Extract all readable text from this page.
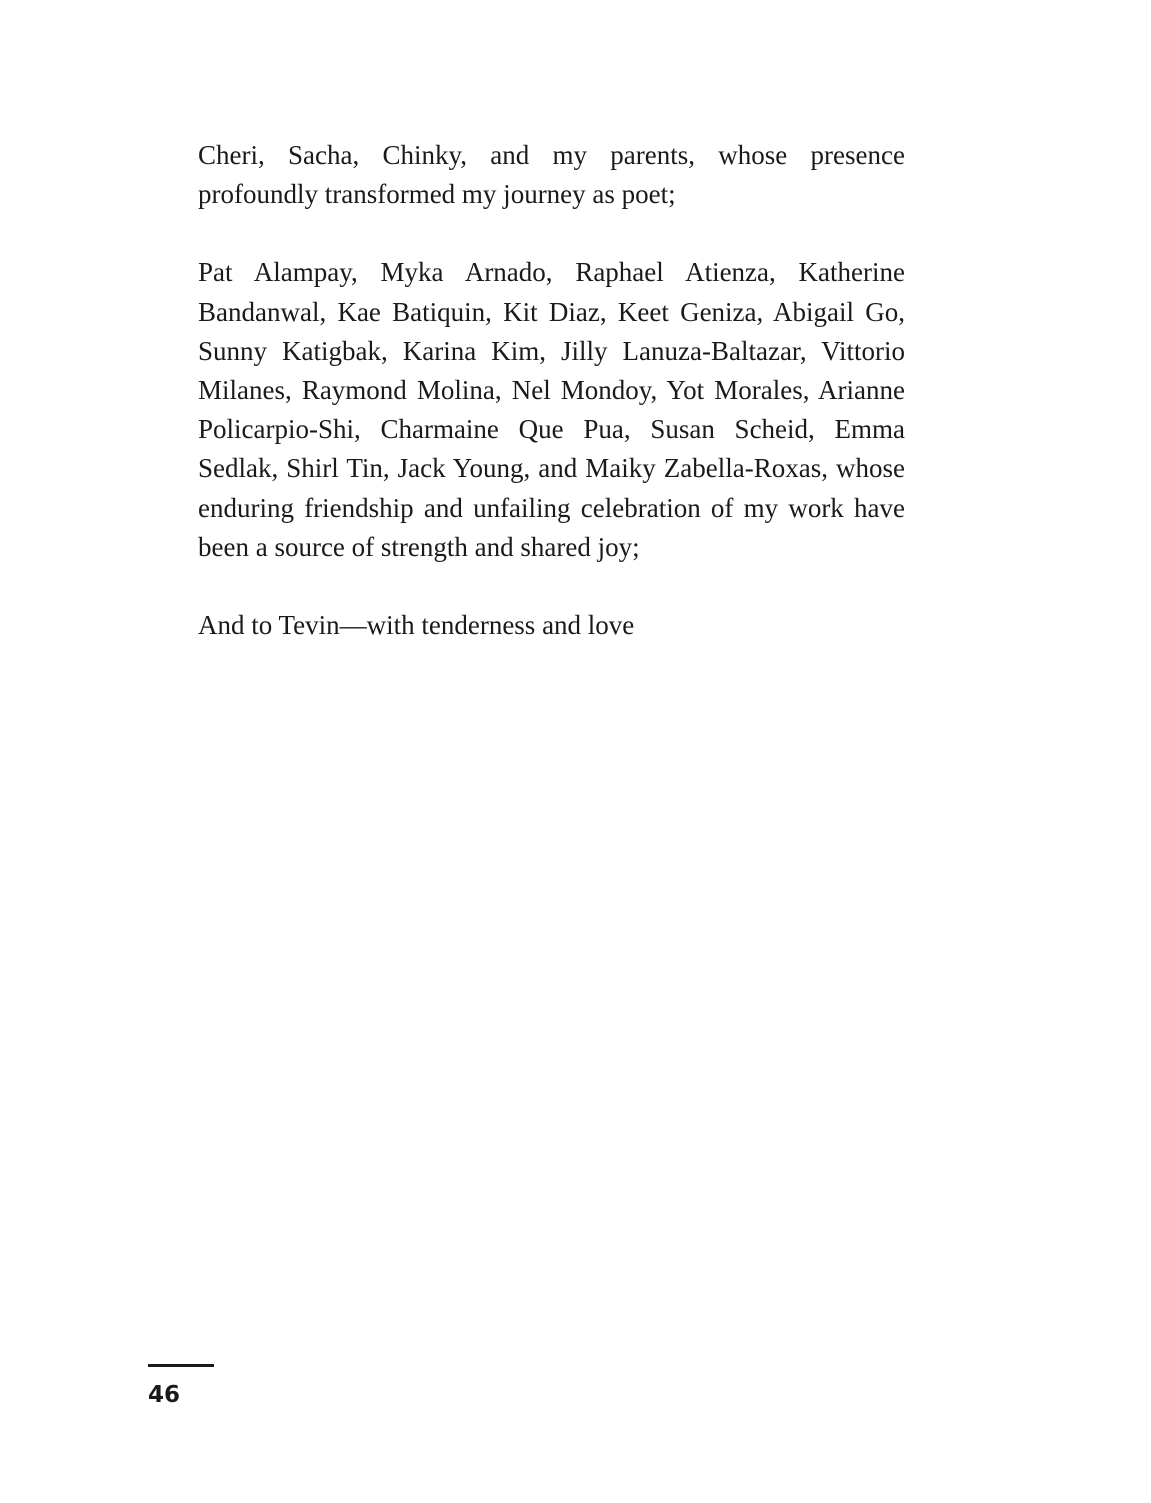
Cheri, Sacha, Chinky, and my parents, whose presence profoundly transformed my journey as poet;

Pat Alampay, Myka Arnado, Raphael Atienza, Katherine Bandanwal, Kae Batiquin, Kit Diaz, Keet Geniza, Abigail Go, Sunny Katigbak, Karina Kim, Jilly Lanuza-Baltazar, Vittorio Milanes, Raymond Molina, Nel Mondoy, Yot Morales, Arianne Policarpio-Shi, Charmaine Que Pua, Susan Scheid, Emma Sedlak, Shirl Tin, Jack Young, and Maiky Zabella-Roxas, whose enduring friendship and unfailing celebration of my work have been a source of strength and shared joy;

And to Tevin—with tenderness and love

46
